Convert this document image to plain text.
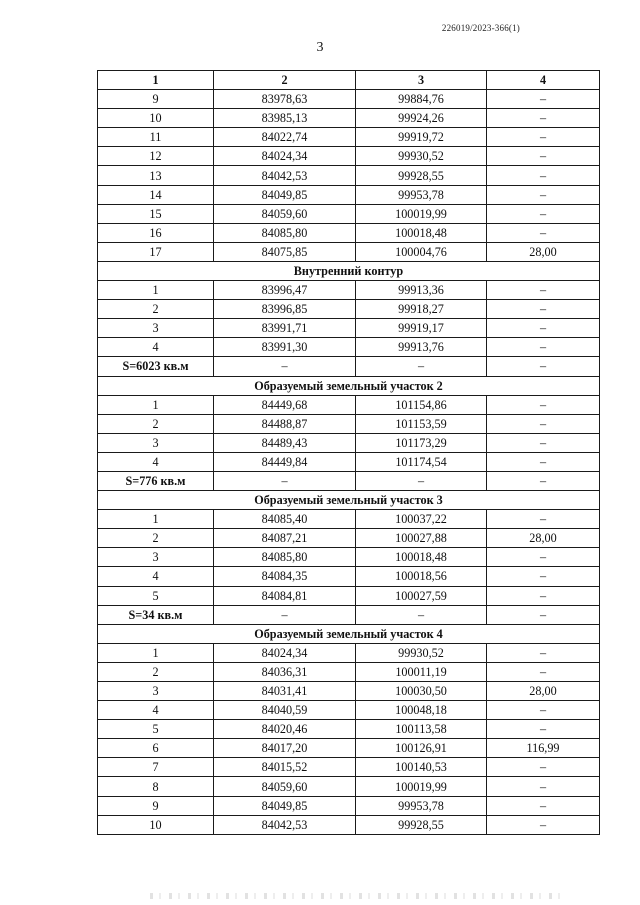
226019/2023-366(1)
3
1	2	3	4
9	83978,63	99884,76	–
10	83985,13	99924,26	–
11	84022,74	99919,72	–
12	84024,34	99930,52	–
13	84042,53	99928,55	–
14	84049,85	99953,78	–
15	84059,60	100019,99	–
16	84085,80	100018,48	–
17	84075,85	100004,76	28,00
Внутренний контур			
1	83996,47	99913,36	–
2	83996,85	99918,27	–
3	83991,71	99919,17	–
4	83991,30	99913,76	–
S=6023 кв.м	–	–	–
Образуемый земельный участок 2			
1	84449,68	101154,86	–
2	84488,87	101153,59	–
3	84489,43	101173,29	–
4	84449,84	101174,54	–
S=776 кв.м	–	–	–
Образуемый земельный участок 3			
1	84085,40	100037,22	–
2	84087,21	100027,88	28,00
3	84085,80	100018,48	–
4	84084,35	100018,56	–
5	84084,81	100027,59	–
S=34 кв.м	–	–	–
Образуемый земельный участок 4			
1	84024,34	99930,52	–
2	84036,31	100011,19	–
3	84031,41	100030,50	28,00
4	84040,59	100048,18	–
5	84020,46	100113,58	–
6	84017,20	100126,91	116,99
7	84015,52	100140,53	–
8	84059,60	100019,99	–
9	84049,85	99953,78	–
10	84042,53	99928,55	–
